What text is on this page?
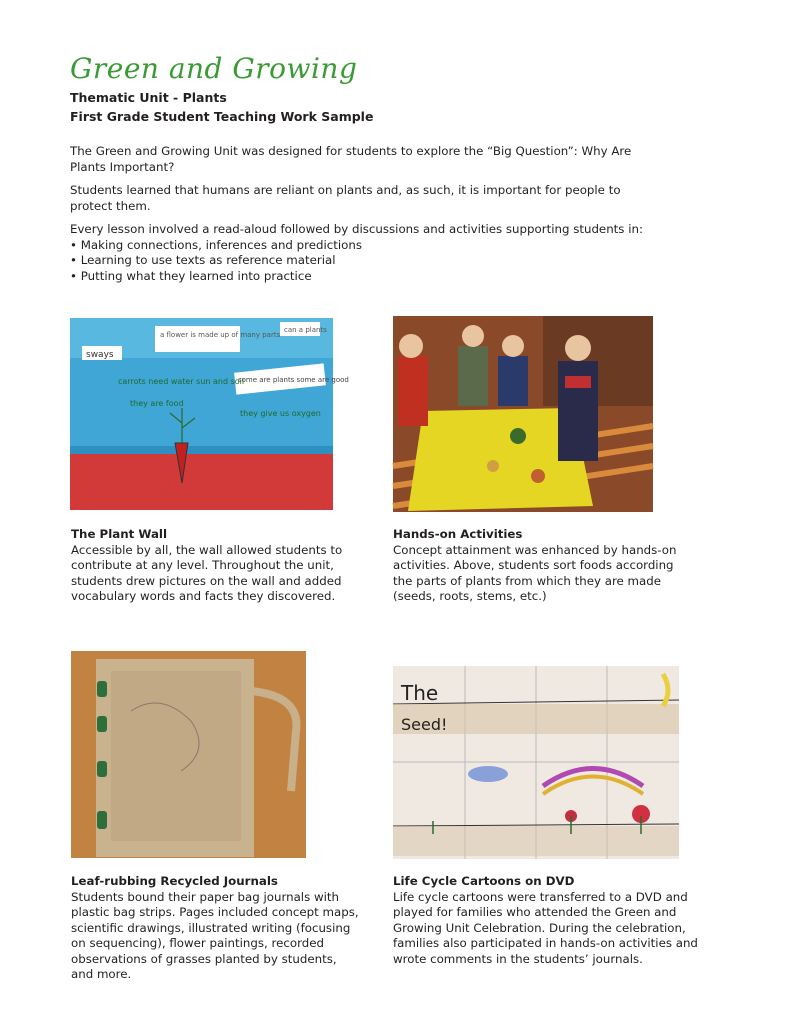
Green and Growing
Thematic Unit - Plants
First Grade Student Teaching Work Sample
The Green and Growing Unit was designed for students to explore the “Big Question”: Why Are Plants Important?
Students learned that humans are reliant on plants and, as such, it is important for people to protect them.
Every lesson involved a read-aloud followed by discussions and activities supporting students in:
• Making connections, inferences and predictions
• Learning to use texts as reference material
• Putting what they learned into practice
a flower is made up of many parts
sways
can a plants
carrots need water sun and soil
some are plants some are good
they are food
they give us oxygen
The
Seed!
The Plant Wall
Accessible by all, the wall allowed students to contribute at any level. Throughout the unit, students drew pictures on the wall and added vocabulary words and facts they discovered.
Hands-on Activities
Concept attainment was enhanced by hands-on activities. Above, students sort foods according the parts of plants from which they are made (seeds, roots, stems, etc.)
Leaf-rubbing Recycled Journals
Students bound their paper bag journals with plastic bag strips. Pages included concept maps, scientific drawings, illustrated writing (focusing on sequencing), flower paintings, recorded observations of grasses planted by students, and more.
Life Cycle Cartoons on DVD
Life cycle cartoons were transferred to a DVD and played for families who attended the Green and Growing Unit Celebration. During the celebration, families also participated in hands-on activities and wrote comments in the students’ journals.
